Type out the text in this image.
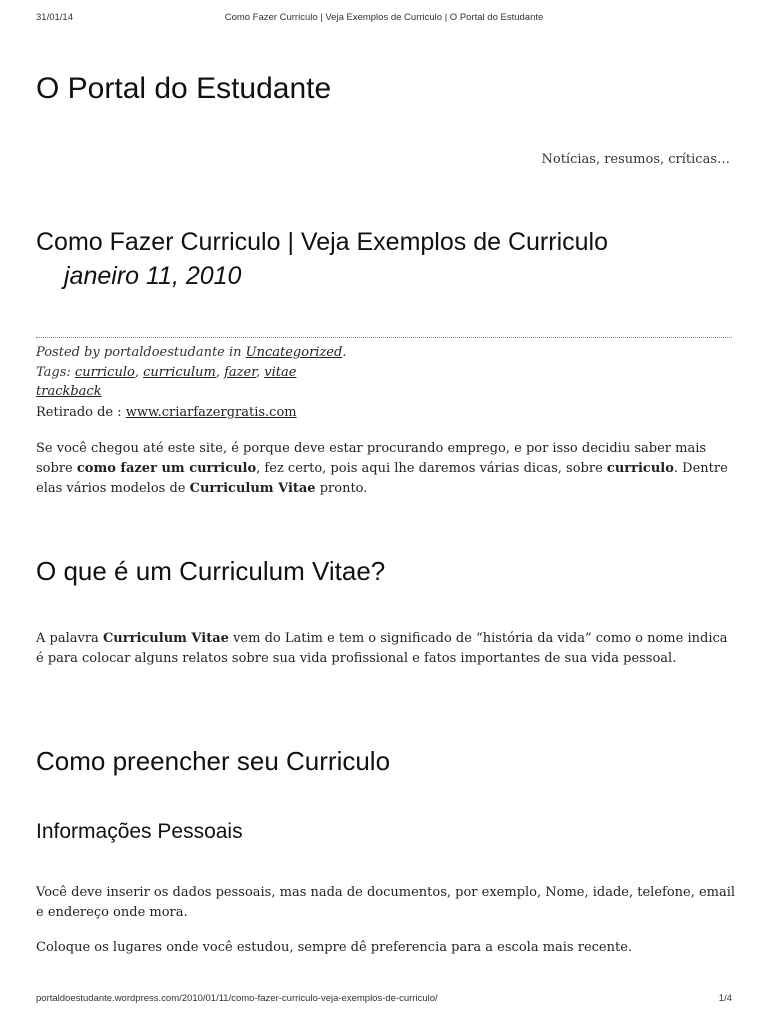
31/01/14	Como Fazer Curriculo | Veja Exemplos de Curriculo | O Portal do Estudante
O Portal do Estudante
Notícias, resumos, críticas…
Como Fazer Curriculo | Veja Exemplos de Curriculo
janeiro 11, 2010
Posted by portaldoestudante in Uncategorized.
Tags: curriculo, curriculum, fazer, vitae
trackback

Retirado de : www.criarfazergratis.com

Se você chegou até este site, é porque deve estar procurando emprego, e por isso decidiu saber mais sobre como fazer um curriculo, fez certo, pois aqui lhe daremos várias dicas, sobre curriculo. Dentre elas vários modelos de Curriculum Vitae pronto.

O que é um Curriculum Vitae?

A palavra Curriculum Vitae vem do Latim e tem o significado de “história da vida” como o nome indica é para colocar alguns relatos sobre sua vida profissional e fatos importantes de sua vida pessoal.

Como preencher seu Curriculo
Informações Pessoais

Você deve inserir os dados pessoais, mas nada de documentos, por exemplo, Nome, idade, telefone, email e endereço onde mora.

Coloque os lugares onde você estudou, sempre dê preferencia para a escola mais recente.

portaldoestudante.wordpress.com/2010/01/11/como-fazer-curriculo-veja-exemplos-de-curriculo/	1/4
